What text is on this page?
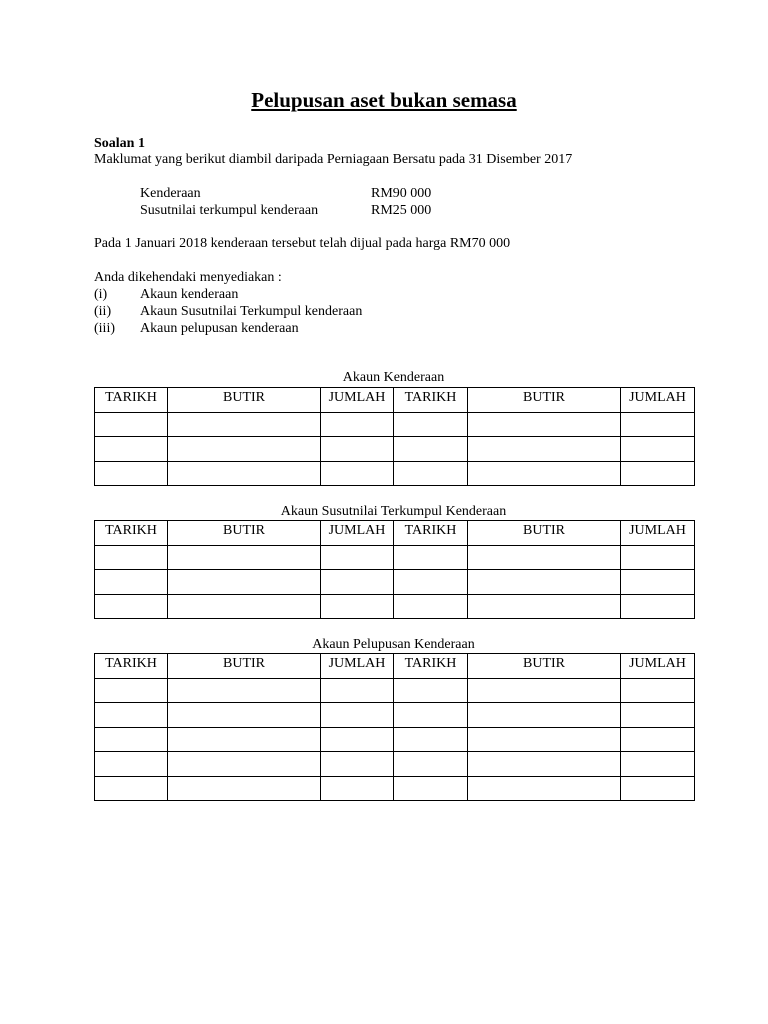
Pelupusan aset bukan semasa
Soalan 1
Maklumat yang berikut diambil daripada Perniagaan Bersatu pada 31 Disember 2017
Kenderaan	RM90 000
Susutnilai terkumpul kenderaan	RM25 000
Pada 1 Januari 2018 kenderaan tersebut telah dijual pada harga RM70 000
Anda dikehendaki menyediakan :
(i) Akaun kenderaan
(ii) Akaun Susutnilai Terkumpul kenderaan
(iii) Akaun pelupusan kenderaan
Akaun Kenderaan
TARIKH	BUTIR	JUMLAH	TARIKH	BUTIR	JUMLAH

Akaun Susutnilai Terkumpul Kenderaan
TARIKH	BUTIR	JUMLAH	TARIKH	BUTIR	JUMLAH

Akaun Pelupusan Kenderaan
TARIKH	BUTIR	JUMLAH	TARIKH	BUTIR	JUMLAH
